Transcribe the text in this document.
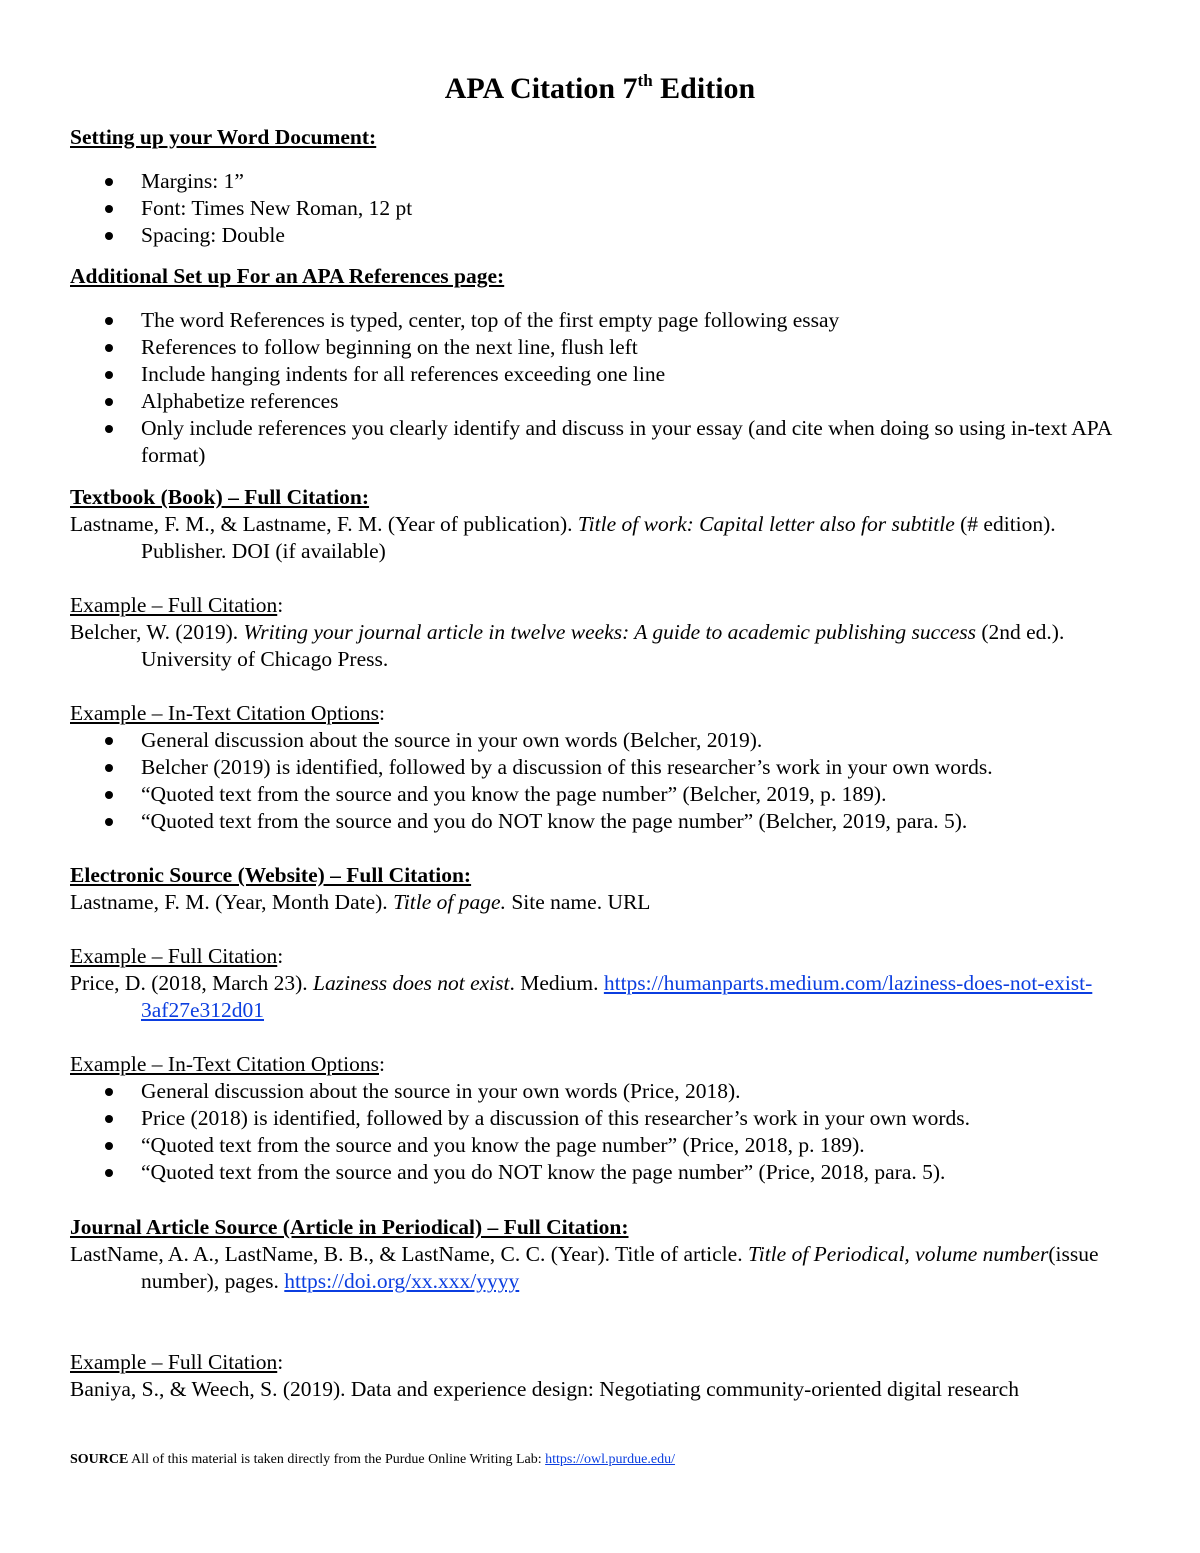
APA Citation 7th Edition
Setting up your Word Document:
Margins: 1”
Font: Times New Roman, 12 pt
Spacing: Double
Additional Set up For an APA References page:
The word References is typed, center, top of the first empty page following essay
References to follow beginning on the next line, flush left
Include hanging indents for all references exceeding one line
Alphabetize references
Only include references you clearly identify and discuss in your essay (and cite when doing so using in-text APA format)
Textbook (Book) – Full Citation:
Lastname, F. M., & Lastname, F. M. (Year of publication). Title of work: Capital letter also for subtitle (# edition). Publisher. DOI (if available)
Example – Full Citation:
Belcher, W. (2019). Writing your journal article in twelve weeks: A guide to academic publishing success (2nd ed.). University of Chicago Press.
Example – In-Text Citation Options:
General discussion about the source in your own words (Belcher, 2019).
Belcher (2019) is identified, followed by a discussion of this researcher’s work in your own words.
“Quoted text from the source and you know the page number” (Belcher, 2019, p. 189).
“Quoted text from the source and you do NOT know the page number” (Belcher, 2019, para. 5).
Electronic Source (Website) – Full Citation:
Lastname, F. M. (Year, Month Date). Title of page. Site name. URL
Example – Full Citation:
Price, D. (2018, March 23). Laziness does not exist. Medium. https://humanparts.medium.com/laziness-does-not-exist-3af27e312d01
Example – In-Text Citation Options:
General discussion about the source in your own words (Price, 2018).
Price (2018) is identified, followed by a discussion of this researcher’s work in your own words.
“Quoted text from the source and you know the page number” (Price, 2018, p. 189).
“Quoted text from the source and you do NOT know the page number” (Price, 2018, para. 5).
Journal Article Source (Article in Periodical) – Full Citation:
LastName, A. A., LastName, B. B., & LastName, C. C. (Year). Title of article. Title of Periodical, volume number(issue number), pages. https://doi.org/xx.xxx/yyyy
Example – Full Citation:
Baniya, S., & Weech, S. (2019). Data and experience design: Negotiating community-oriented digital research
SOURCE All of this material is taken directly from the Purdue Online Writing Lab: https://owl.purdue.edu/
